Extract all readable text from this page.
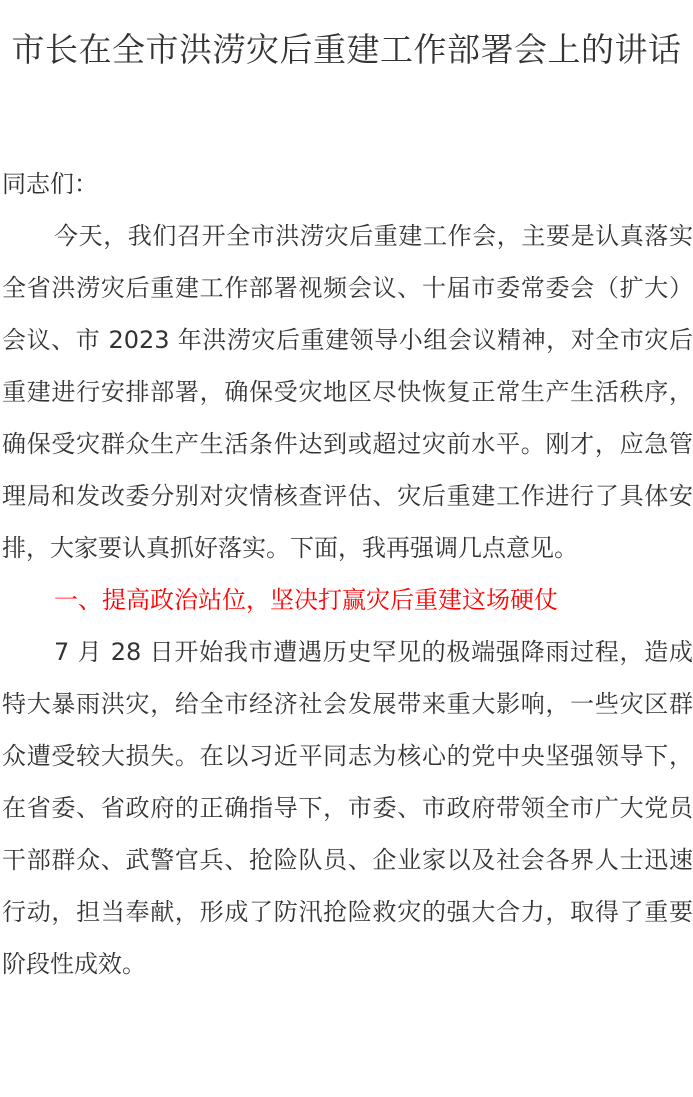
市长在全市洪涝灾后重建工作部署会上的讲话

同志们：

今天，我们召开全市洪涝灾后重建工作会，主要是认真落实全省洪涝灾后重建工作部署视频会议、十届市委常委会（扩大）会议、市 2023 年洪涝灾后重建领导小组会议精神，对全市灾后重建进行安排部署，确保受灾地区尽快恢复正常生产生活秩序，确保受灾群众生产生活条件达到或超过灾前水平。刚才，应急管理局和发改委分别对灾情核查评估、灾后重建工作进行了具体安排，大家要认真抓好落实。下面，我再强调几点意见。

一、提高政治站位，坚决打赢灾后重建这场硬仗

7 月 28 日开始我市遭遇历史罕见的极端强降雨过程，造成特大暴雨洪灾，给全市经济社会发展带来重大影响，一些灾区群众遭受较大损失。在以习近平同志为核心的党中央坚强领导下，在省委、省政府的正确指导下，市委、市政府带领全市广大党员干部群众、武警官兵、抢险队员、企业家以及社会各界人士迅速行动，担当奉献，形成了防汛抢险救灾的强大合力，取得了重要阶段性成效。
